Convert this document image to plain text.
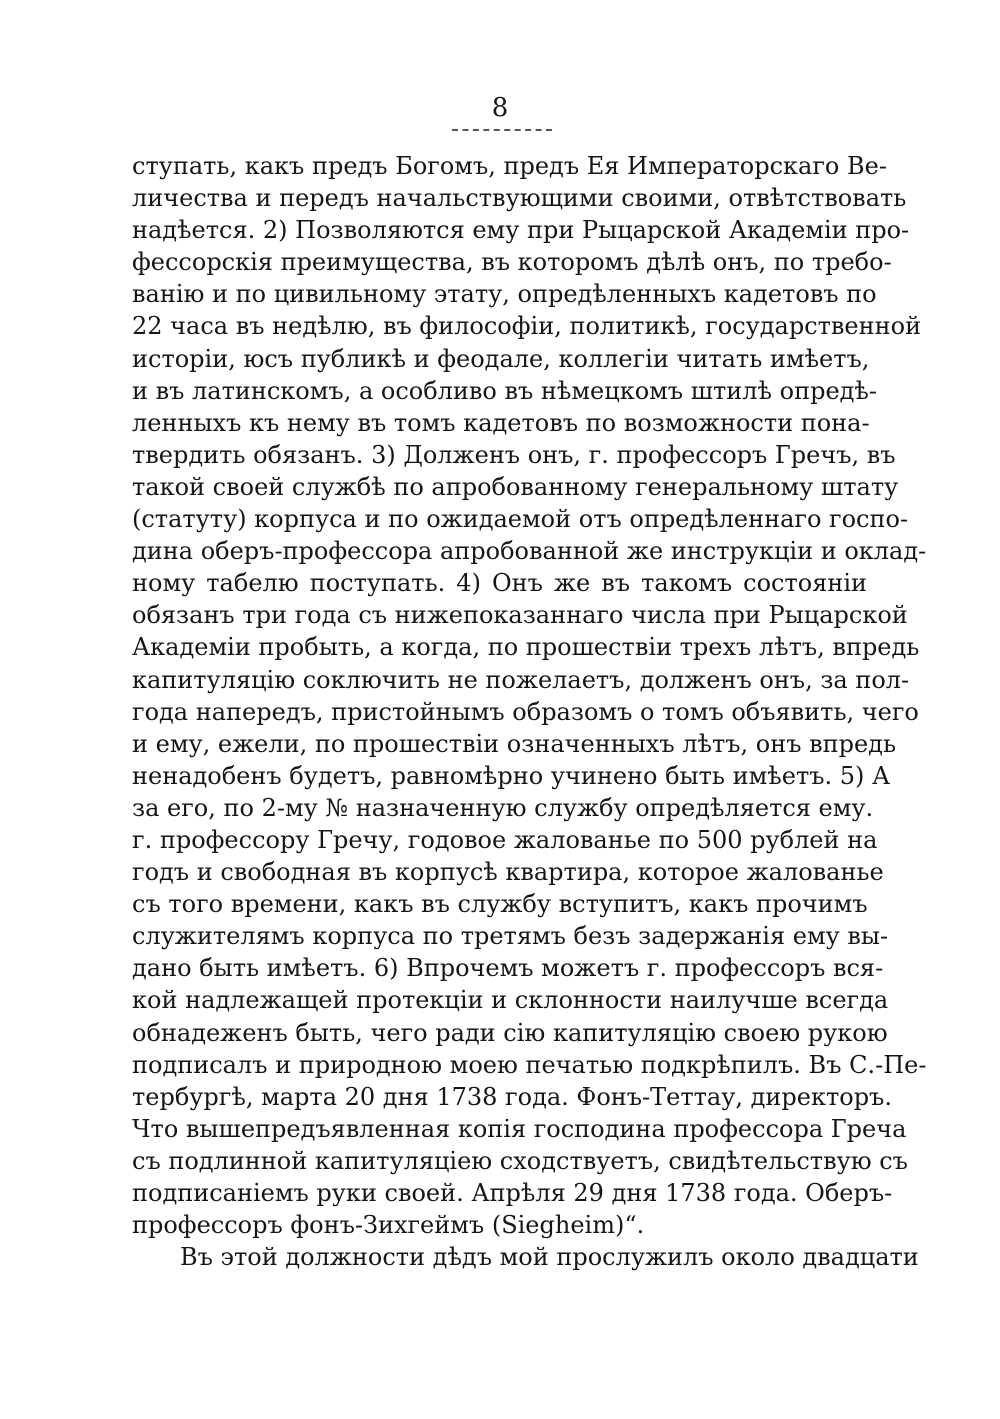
8
ступать, какъ предъ Богомъ, предъ Ея Императорскаго Ве-
личества и передъ начальствующими своими, отвѣтствовать
надѣется. 2) Позволяются ему при Рыцарской Академіи про-
фессорскія преимущества, въ которомъ дѣлѣ онъ, по требо-
ванію и по цивильному этату, опредѣленныхъ кадетовъ по
22 часа въ недѣлю, въ философіи, политикѣ, государственной
исторіи, юсъ публикѣ и феодале, коллегіи читать имѣетъ,
и въ латинскомъ, а особливо въ нѣмецкомъ штилѣ опредѣ-
ленныхъ къ нему въ томъ кадетовъ по возможности пона-
твердить обязанъ. 3) Долженъ онъ, г. профессоръ Гречъ, въ
такой своей службѣ по апробованному генеральному штату
(статуту) корпуса и по ожидаемой отъ опредѣленнаго госпо-
дина оберъ-профессора апробованной же инструкціи и оклад-
ному табелю поступать. 4) Онъ же въ такомъ состояніи
обязанъ три года съ нижепоказаннаго числа при Рыцарской
Академіи пробыть, а когда, по прошествіи трехъ лѣтъ, впредь
капитуляцію соключить не пожелаетъ, долженъ онъ, за пол-
года напередъ, пристойнымъ образомъ о томъ объявить, чего
и ему, ежели, по прошествіи означенныхъ лѣтъ, онъ впредь
ненадобенъ будетъ, равномѣрно учинено быть имѣетъ. 5) А
за его, по 2-му № назначенную службу опредѣляется ему.
г. профессору Гречу, годовое жалованье по 500 рублей на
годъ и свободная въ корпусѣ квартира, которое жалованье
съ того времени, какъ въ службу вступитъ, какъ прочимъ
служителямъ корпуса по третямъ безъ задержанія ему вы-
дано быть имѣетъ. 6) Впрочемъ можетъ г. профессоръ вся-
кой надлежащей протекціи и склонности наилучше всегда
обнадеженъ быть, чего ради сію капитуляцію своею рукою
подписалъ и природною моею печатью подкрѣпилъ. Въ С.-Пе-
тербургѣ, марта 20 дня 1738 года. Фонъ-Теттау, директоръ.
Что вышепредъявленная копія господина профессора Греча
съ подлинной капитуляціею сходствуетъ, свидѣтельствую съ
подписаніемъ руки своей. Апрѣля 29 дня 1738 года. Оберъ-
профессоръ фонъ-Зихгеймъ (Siegheim)“.
Въ этой должности дѣдъ мой прослужилъ около двадцати
